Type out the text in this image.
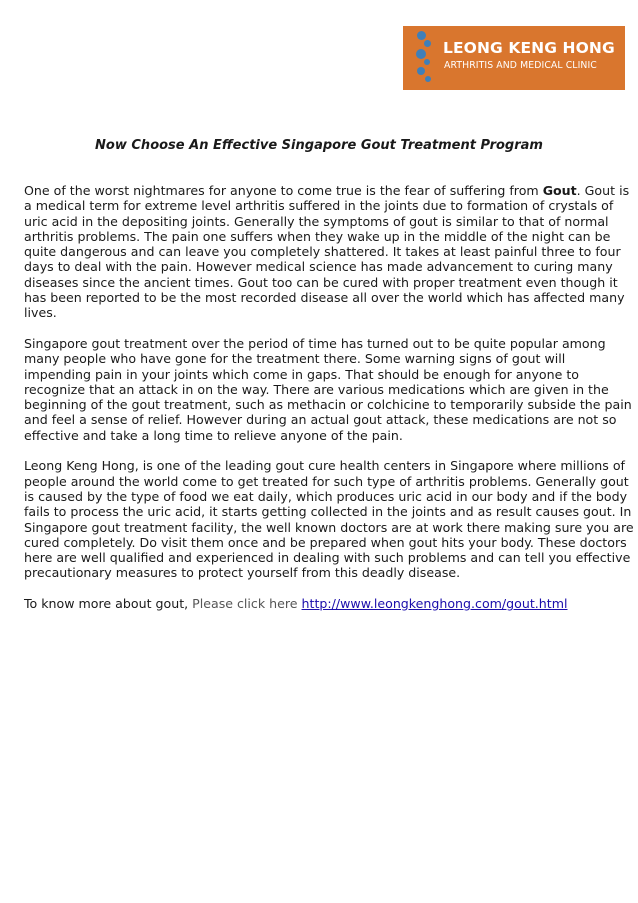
LEONG KENG HONG
ARTHRITIS AND MEDICAL CLINIC
Now Choose An Effective Singapore Gout Treatment Program

One of the worst nightmares for anyone to come true is the fear of suffering from Gout. Gout is a medical term for extreme level arthritis suffered in the joints due to formation of crystals of uric acid in the depositing joints. Generally the symptoms of gout is similar to that of normal arthritis problems. The pain one suffers when they wake up in the middle of the night can be quite dangerous and can leave you completely shattered. It takes at least painful three to four days to deal with the pain. However medical science has made advancement to curing many diseases since the ancient times. Gout too can be cured with proper treatment even though it has been reported to be the most recorded disease all over the world which has affected many lives.

Singapore gout treatment over the period of time has turned out to be quite popular among many people who have gone for the treatment there. Some warning signs of gout will impending pain in your joints which come in gaps. That should be enough for anyone to recognize that an attack in on the way. There are various medications which are given in the beginning of the gout treatment, such as methacin or colchicine to temporarily subside the pain and feel a sense of relief. However during an actual gout attack, these medications are not so effective and take a long time to relieve anyone of the pain.

Leong Keng Hong, is one of the leading gout cure health centers in Singapore where millions of people around the world come to get treated for such type of arthritis problems. Generally gout is caused by the type of food we eat daily, which produces uric acid in our body and if the body fails to process the uric acid, it starts getting collected in the joints and as result causes gout. In Singapore gout treatment facility, the well known doctors are at work there making sure you are cured completely. Do visit them once and be prepared when gout hits your body. These doctors here are well qualified and experienced in dealing with such problems and can tell you effective precautionary measures to protect yourself from this deadly disease.

To know more about gout, Please click here http://www.leongkenghong.com/gout.html
